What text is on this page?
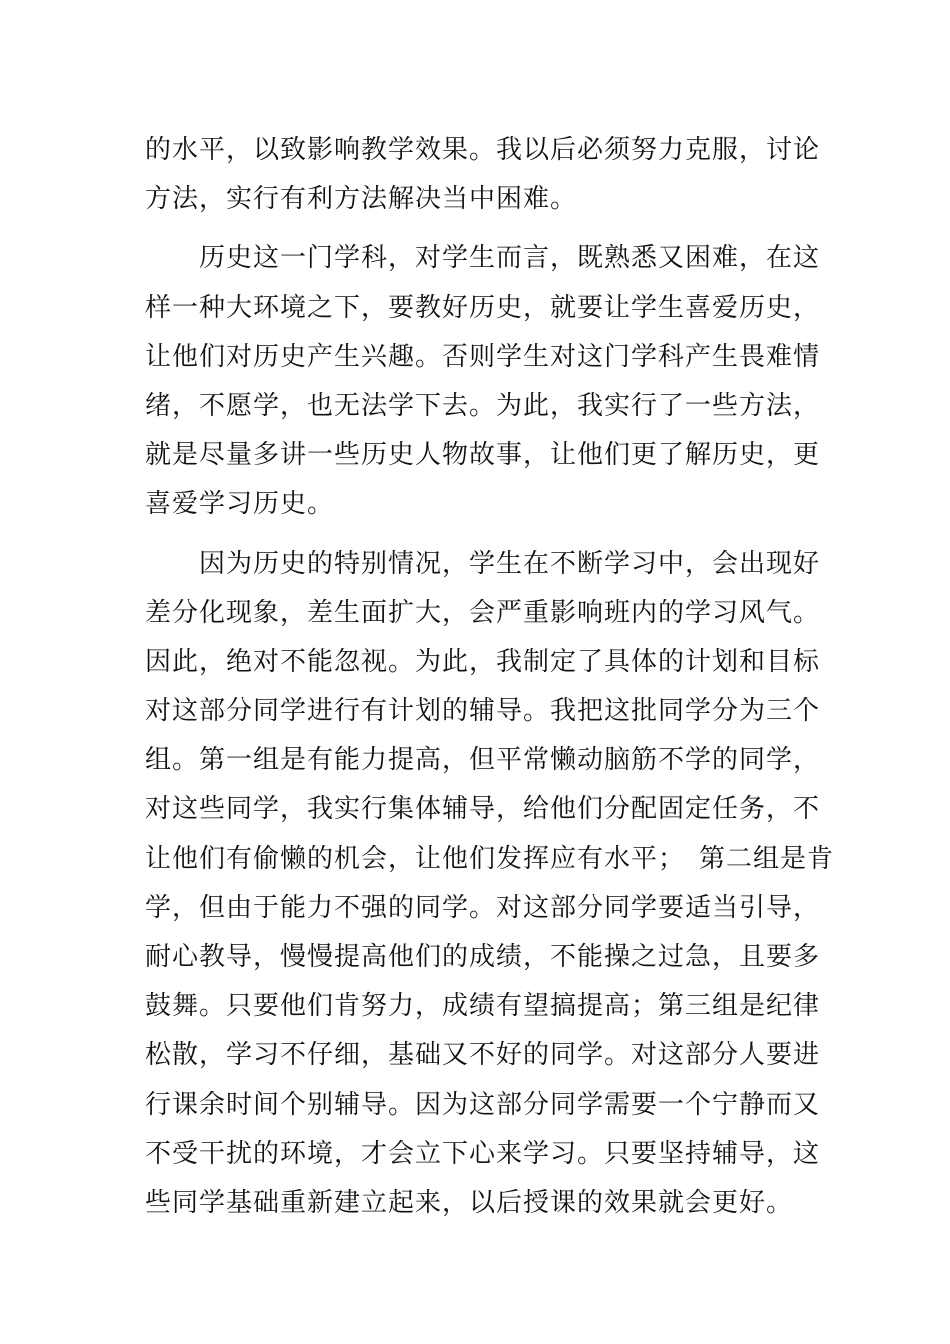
的水平，以致影响教学效果。我以后必须努力克服，讨论
方法，实行有利方法解决当中困难。
　　历史这一门学科，对学生而言，既熟悉又困难，在这
样一种大环境之下，要教好历史，就要让学生喜爱历史，
让他们对历史产生兴趣。否则学生对这门学科产生畏难情
绪，不愿学，也无法学下去。为此，我实行了一些方法，
就是尽量多讲一些历史人物故事，让他们更了解历史，更
喜爱学习历史。
　　因为历史的特别情况，学生在不断学习中，会出现好
差分化现象，差生面扩大，会严重影响班内的学习风气。
因此，绝对不能忽视。为此，我制定了具体的计划和目标
对这部分同学进行有计划的辅导。我把这批同学分为三个
组。第一组是有能力提高，但平常懒动脑筋不学的同学，
对这些同学，我实行集体辅导，给他们分配固定任务，不
让他们有偷懒的机会，让他们发挥应有水平；　第二组是肯
学，但由于能力不强的同学。对这部分同学要适当引导，
耐心教导，慢慢提高他们的成绩，不能操之过急，且要多
鼓舞。只要他们肯努力，成绩有望搞提高；第三组是纪律
松散，学习不仔细，基础又不好的同学。对这部分人要进
行课余时间个别辅导。因为这部分同学需要一个宁静而又
不受干扰的环境，才会立下心来学习。只要坚持辅导，这
些同学基础重新建立起来，以后授课的效果就会更好。
